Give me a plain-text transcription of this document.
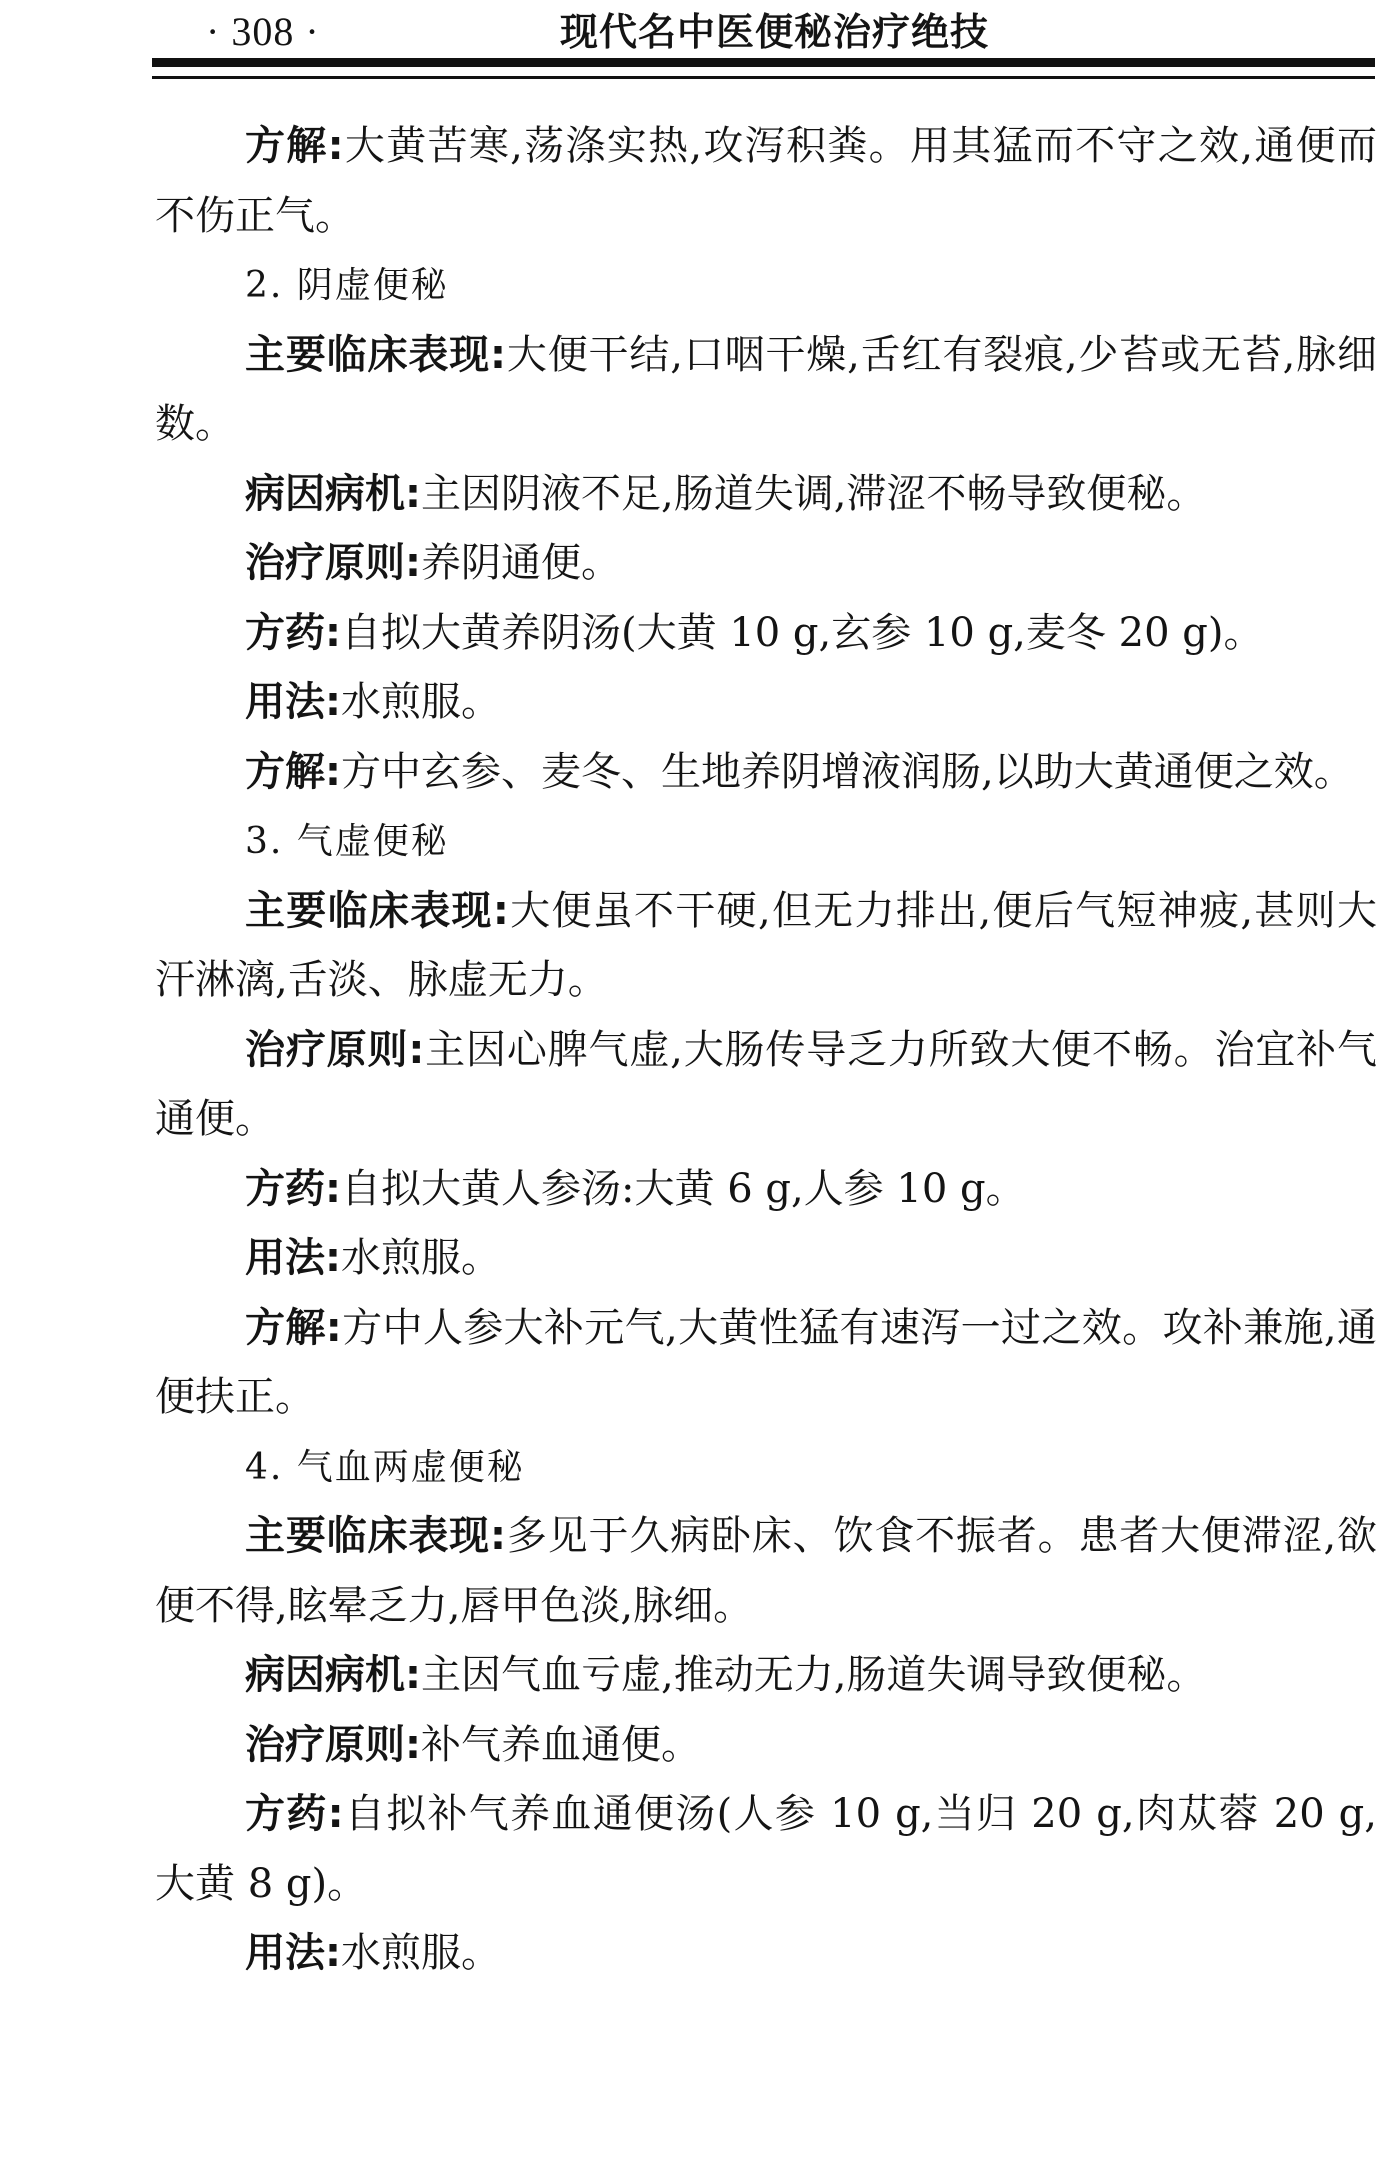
· 308 ·	现代名中医便秘治疗绝技

方解:大黄苦寒,荡涤实热,攻泻积粪。用其猛而不守之效,通便而不伤正气。

2. 阴虚便秘

主要临床表现:大便干结,口咽干燥,舌红有裂痕,少苔或无苔,脉细数。

病因病机:主因阴液不足,肠道失调,滞涩不畅导致便秘。

治疗原则:养阴通便。

方药:自拟大黄养阴汤(大黄 10 g,玄参 10 g,麦冬 20 g)。

用法:水煎服。

方解:方中玄参、麦冬、生地养阴增液润肠,以助大黄通便之效。

3. 气虚便秘

主要临床表现:大便虽不干硬,但无力排出,便后气短神疲,甚则大汗淋漓,舌淡、脉虚无力。

治疗原则:主因心脾气虚,大肠传导乏力所致大便不畅。治宜补气通便。

方药:自拟大黄人参汤:大黄 6 g,人参 10 g。

用法:水煎服。

方解:方中人参大补元气,大黄性猛有速泻一过之效。攻补兼施,通便扶正。

4. 气血两虚便秘

主要临床表现:多见于久病卧床、饮食不振者。患者大便滞涩,欲便不得,眩晕乏力,唇甲色淡,脉细。

病因病机:主因气血亏虚,推动无力,肠道失调导致便秘。

治疗原则:补气养血通便。

方药:自拟补气养血通便汤(人参 10 g,当归 20 g,肉苁蓉 20 g,大黄 8 g)。

用法:水煎服。
